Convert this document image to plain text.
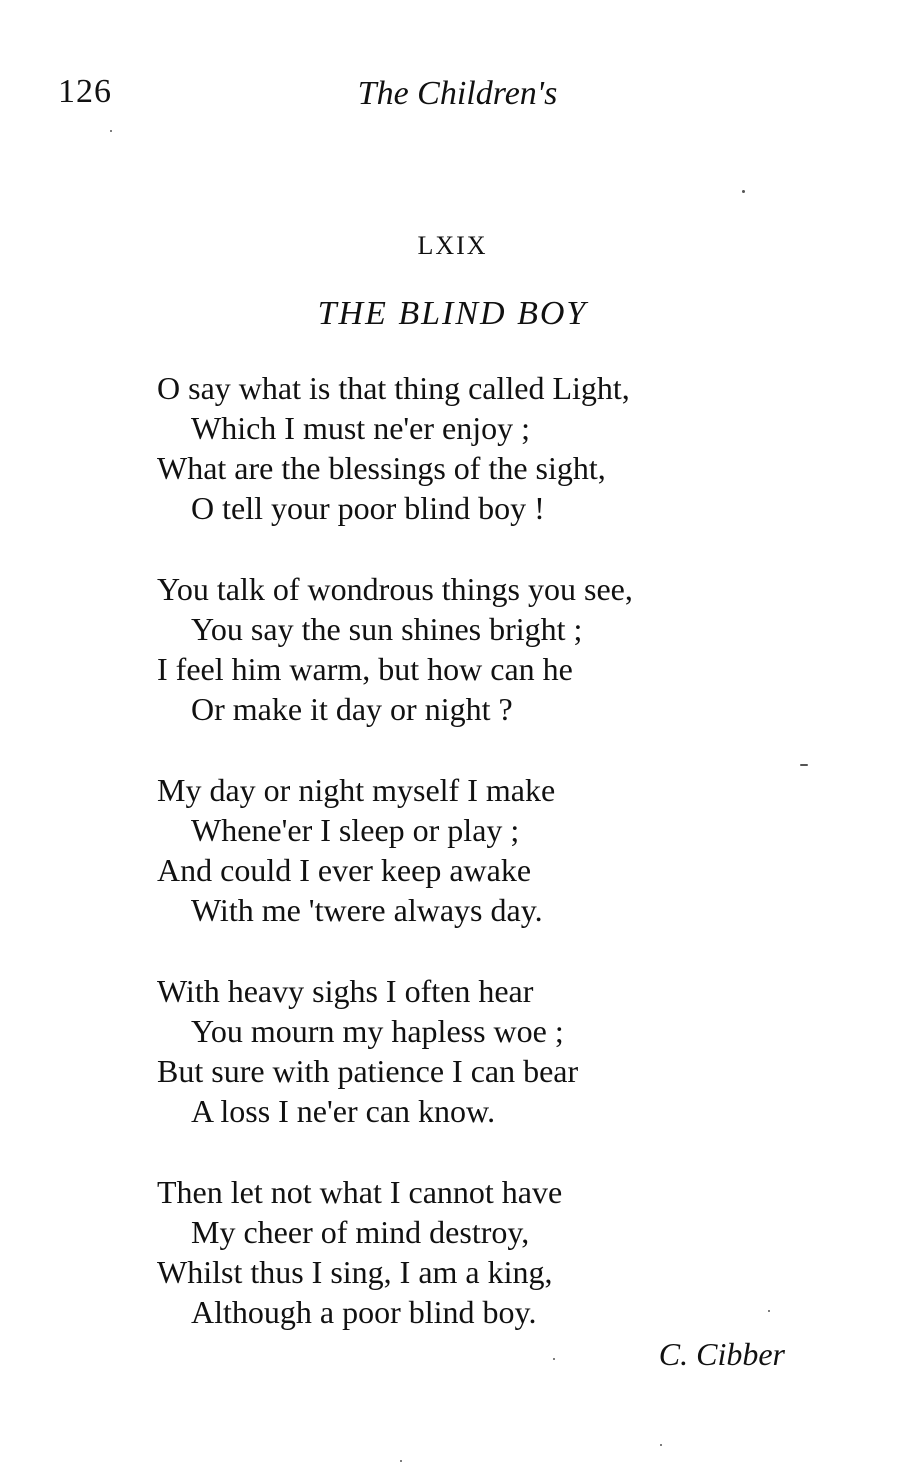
126	The Children's
LXIX
THE BLIND BOY
O say what is that thing called Light,
Which I must ne'er enjoy ;
What are the blessings of the sight,
O tell your poor blind boy !
You talk of wondrous things you see,
You say the sun shines bright ;
I feel him warm, but how can he
Or make it day or night ?
My day or night myself I make
Whene'er I sleep or play ;
And could I ever keep awake
With me 'twere always day.
With heavy sighs I often hear
You mourn my hapless woe ;
But sure with patience I can bear
A loss I ne'er can know.
Then let not what I cannot have
My cheer of mind destroy,
Whilst thus I sing, I am a king,
Although a poor blind boy.
C. Cibber
